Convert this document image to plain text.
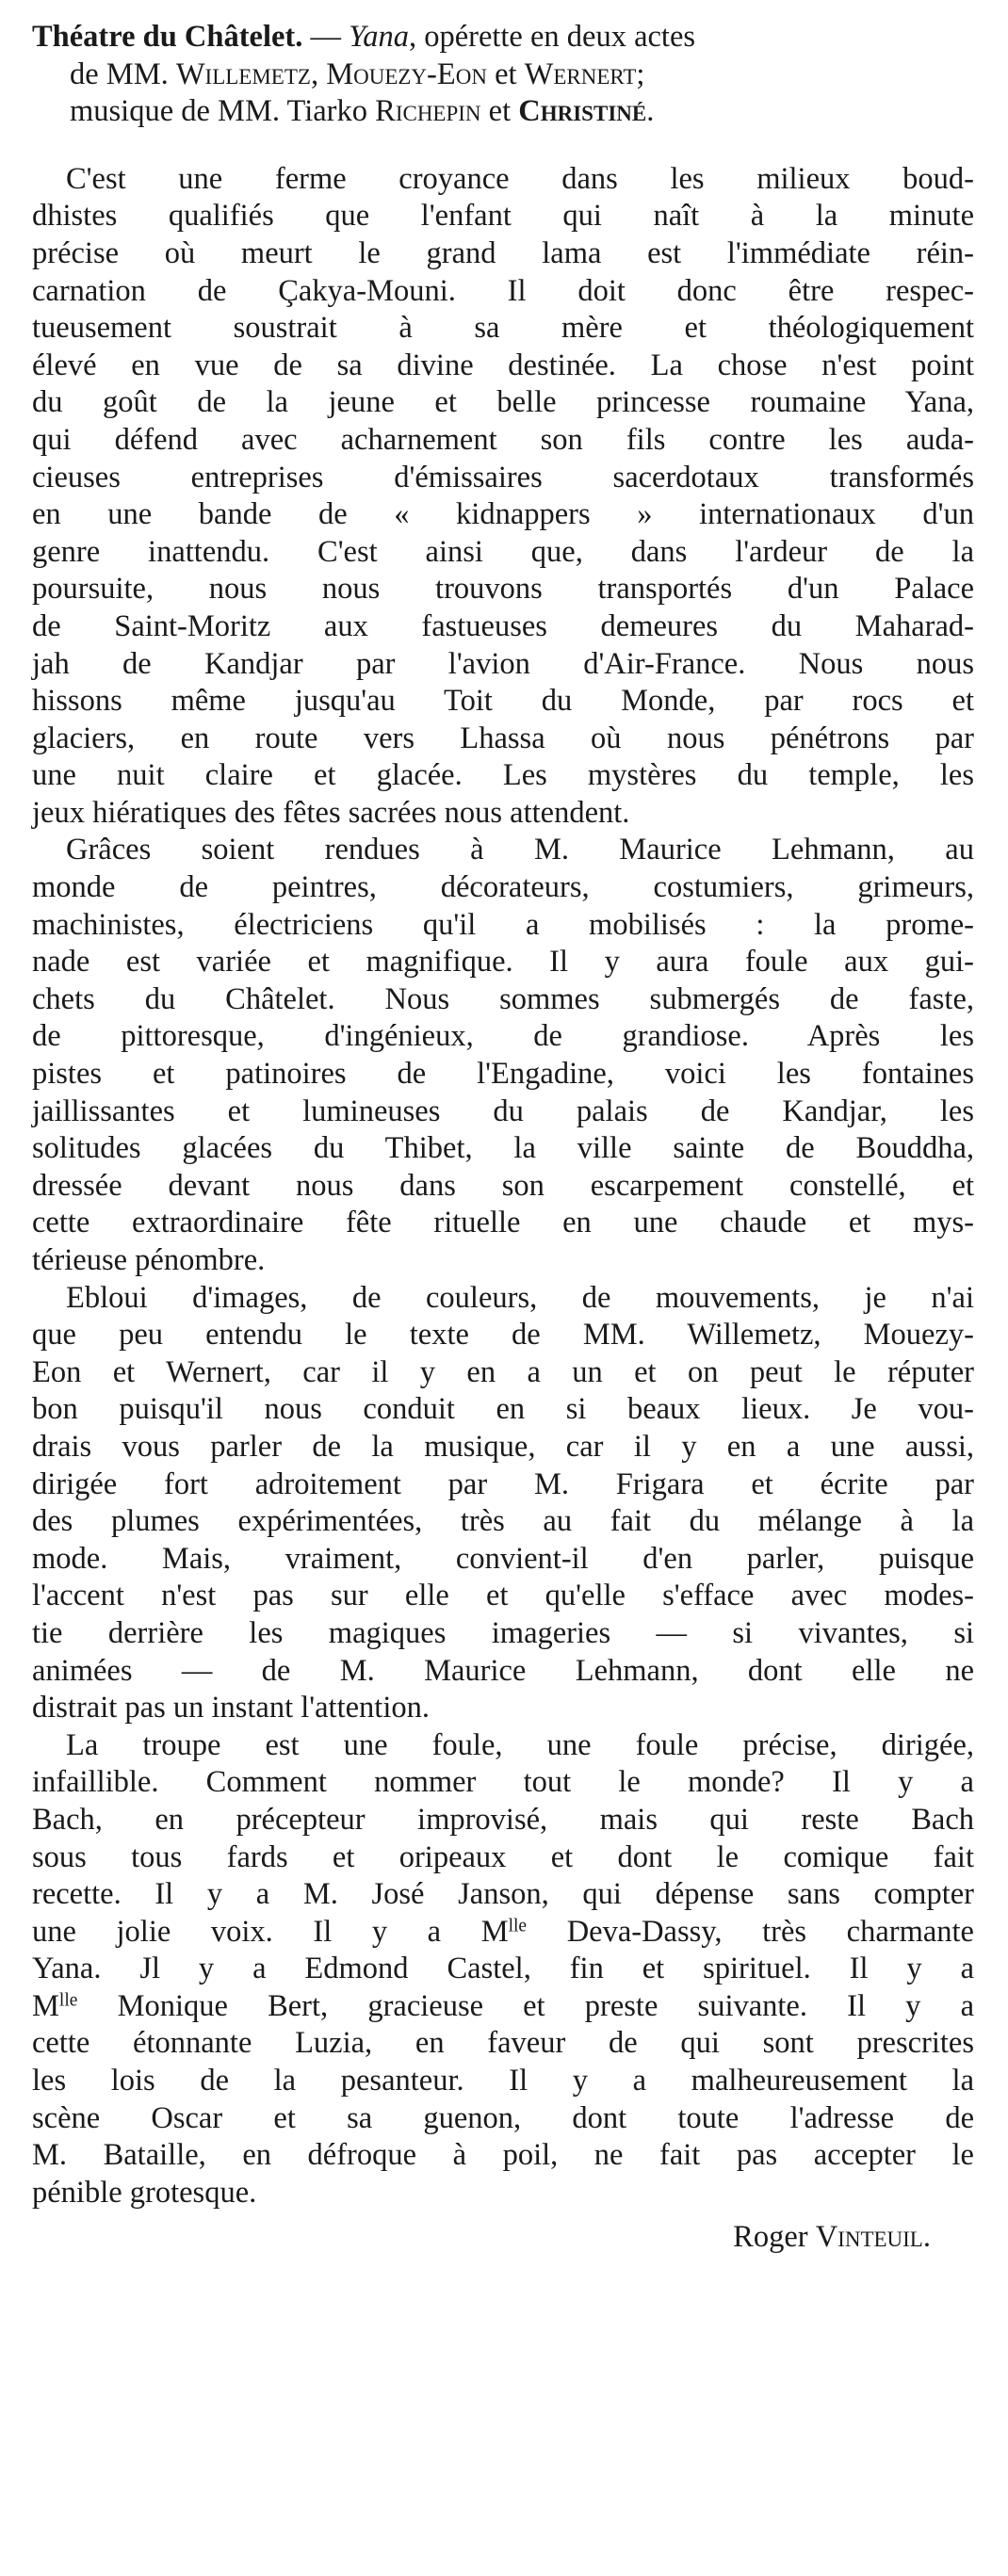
Théatre du Châtelet. — Yana, opérette en deux actes
de MM. Willemetz, Mouezy-Eon et Wernert;
musique de MM. Tiarko Richepin et Christiné.

C'est une ferme croyance dans les milieux boud-
dhistes qualifiés que l'enfant qui naît à la minute
précise où meurt le grand lama est l'immédiate réin-
carnation de Çakya-Mouni. Il doit donc être respec-
tueusement soustrait à sa mère et théologiquement
élevé en vue de sa divine destinée. La chose n'est point
du goût de la jeune et belle princesse roumaine Yana,
qui défend avec acharnement son fils contre les auda-
cieuses entreprises d'émissaires sacerdotaux transformés
en une bande de « kidnappers » internationaux d'un
genre inattendu. C'est ainsi que, dans l'ardeur de la
poursuite, nous nous trouvons transportés d'un Palace
de Saint-Moritz aux fastueuses demeures du Maharad-
jah de Kandjar par l'avion d'Air-France. Nous nous
hissons même jusqu'au Toit du Monde, par rocs et
glaciers, en route vers Lhassa où nous pénétrons par
une nuit claire et glacée. Les mystères du temple, les
jeux hiératiques des fêtes sacrées nous attendent.

Grâces soient rendues à M. Maurice Lehmann, au
monde de peintres, décorateurs, costumiers, grimeurs,
machinistes, électriciens qu'il a mobilisés : la prome-
nade est variée et magnifique. Il y aura foule aux gui-
chets du Châtelet. Nous sommes submergés de faste,
de pittoresque, d'ingénieux, de grandiose. Après les
pistes et patinoires de l'Engadine, voici les fontaines
jaillissantes et lumineuses du palais de Kandjar, les
solitudes glacées du Thibet, la ville sainte de Bouddha,
dressée devant nous dans son escarpement constellé, et
cette extraordinaire fête rituelle en une chaude et mys-
térieuse pénombre.

Ebloui d'images, de couleurs, de mouvements, je n'ai
que peu entendu le texte de MM. Willemetz, Mouezy-
Eon et Wernert, car il y en a un et on peut le réputer
bon puisqu'il nous conduit en si beaux lieux. Je vou-
drais vous parler de la musique, car il y en a une aussi,
dirigée fort adroitement par M. Frigara et écrite par
des plumes expérimentées, très au fait du mélange à la
mode. Mais, vraiment, convient-il d'en parler, puisque
l'accent n'est pas sur elle et qu'elle s'efface avec modes-
tie derrière les magiques imageries — si vivantes, si
animées — de M. Maurice Lehmann, dont elle ne
distrait pas un instant l'attention.

La troupe est une foule, une foule précise, dirigée,
infaillible. Comment nommer tout le monde? Il y a
Bach, en précepteur improvisé, mais qui reste Bach
sous tous fards et oripeaux et dont le comique fait
recette. Il y a M. José Janson, qui dépense sans compter
une jolie voix. Il y a $M^{lle}$ Deva-Dassy, très charmante
Yana. Jl y a Edmond Castel, fin et spirituel. Il y a
$M^{lle}$ Monique Bert, gracieuse et preste suivante. Il y a
cette étonnante Luzia, en faveur de qui sont prescrites
les lois de la pesanteur. Il y a malheureusement la
scène Oscar et sa guenon, dont toute l'adresse de
M. Bataille, en défroque à poil, ne fait pas accepter le
pénible grotesque.

Roger Vinteuil.
